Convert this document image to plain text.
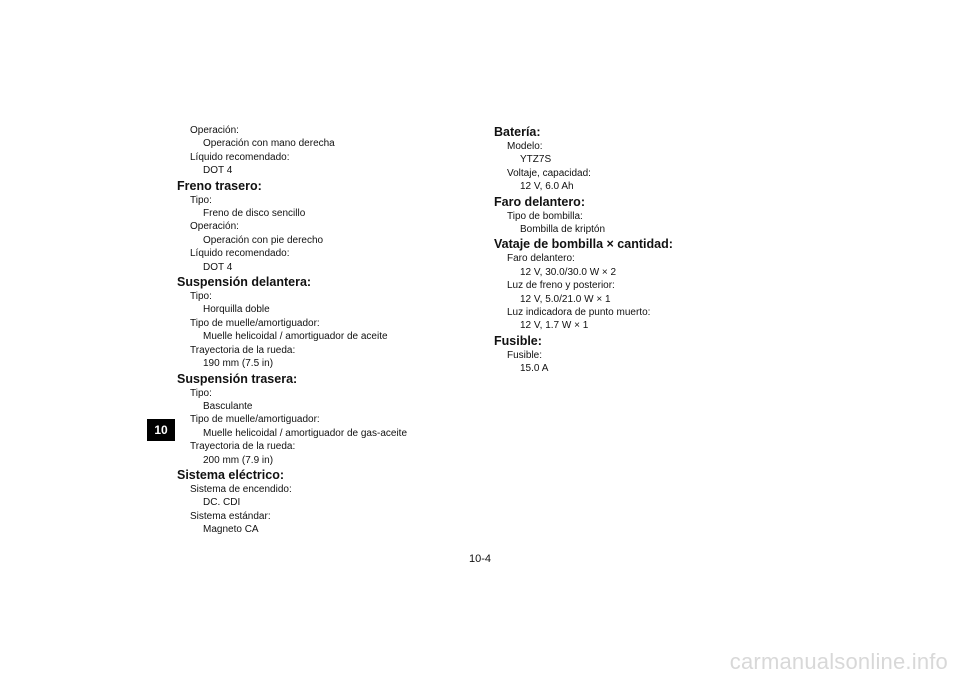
10

Operación:

Operación con mano derecha

Líquido recomendado:

DOT 4

Freno trasero:

Tipo:

Freno de disco sencillo

Operación:

Operación con pie derecho

Líquido recomendado:

DOT 4

Suspensión delantera:

Tipo:

Horquilla doble

Tipo de muelle/amortiguador:

Muelle helicoidal / amortiguador de aceite

Trayectoria de la rueda:

190 mm (7.5 in)

Suspensión trasera:

Tipo:

Basculante

Tipo de muelle/amortiguador:

Muelle helicoidal / amortiguador de gas-aceite

Trayectoria de la rueda:

200 mm (7.9 in)

Sistema eléctrico:

Sistema de encendido:

DC. CDI

Sistema estándar:

Magneto CA

Batería:

Modelo:

YTZ7S

Voltaje, capacidad:

12 V, 6.0 Ah

Faro delantero:

Tipo de bombilla:

Bombilla de kriptón

Vataje de bombilla × cantidad:

Faro delantero:

12 V, 30.0/30.0 W × 2

Luz de freno y posterior:

12 V, 5.0/21.0 W × 1

Luz indicadora de punto muerto:

12 V, 1.7 W × 1

Fusible:

Fusible:

15.0 A

10-4
carmanualsonline.info
